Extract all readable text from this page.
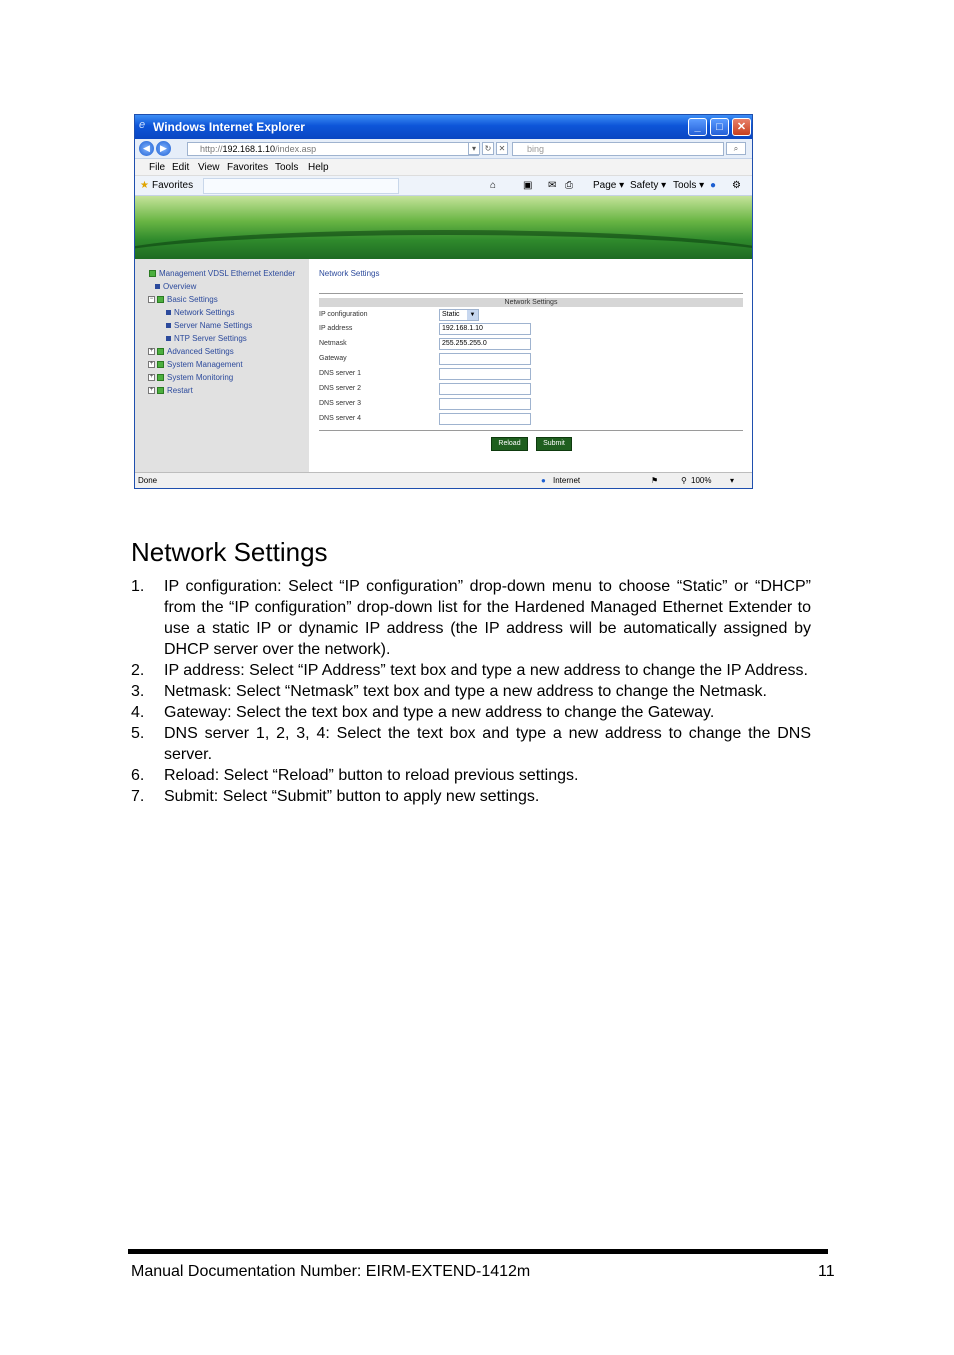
e Windows Internet Explorer	_	□	✕
◀	▶	http://192.168.1.10/index.asp	▾	↻ ✕	bing	⌕
File Edit View Favorites Tools Help
★ Favorites	⌂	▣ ✉ ⎙ Page ▾ Safety ▾ Tools ▾ ● ⚙
Management VDSL Ethernet Extender
Overview
− Basic Settings
Network Settings
Server Name Settings
NTP Server Settings
+ Advanced Settings
+ System Management
+ System Monitoring
+ Restart
Network Settings
Network Settings
IP configuration	Static	▼
IP address	192.168.1.10
Netmask	255.255.255.0
Gateway
DNS server 1
DNS server 2
DNS server 3
DNS server 4
Reload	Submit
Done	● Internet	⚑	⚲ 100% ▾
Network Settings
1. IP configuration: Select “IP configuration” drop-down menu to choose “Static” or “DHCP” from the “IP configuration” drop-down list for the Hardened Managed Ethernet Extender to use a static IP or dynamic IP address (the IP address will be automatically assigned by DHCP server over the network).
2. IP address: Select “IP Address” text box and type a new address to change the IP Address.
3. Netmask: Select “Netmask” text box and type a new address to change the Netmask.
4. Gateway: Select the text box and type a new address to change the Gateway.
5. DNS server 1, 2, 3, 4: Select the text box and type a new address to change the DNS server.
6. Reload: Select “Reload” button to reload previous settings.
7. Submit: Select “Submit” button to apply new settings.
Manual Documentation Number: EIRM-EXTEND-1412m	11
